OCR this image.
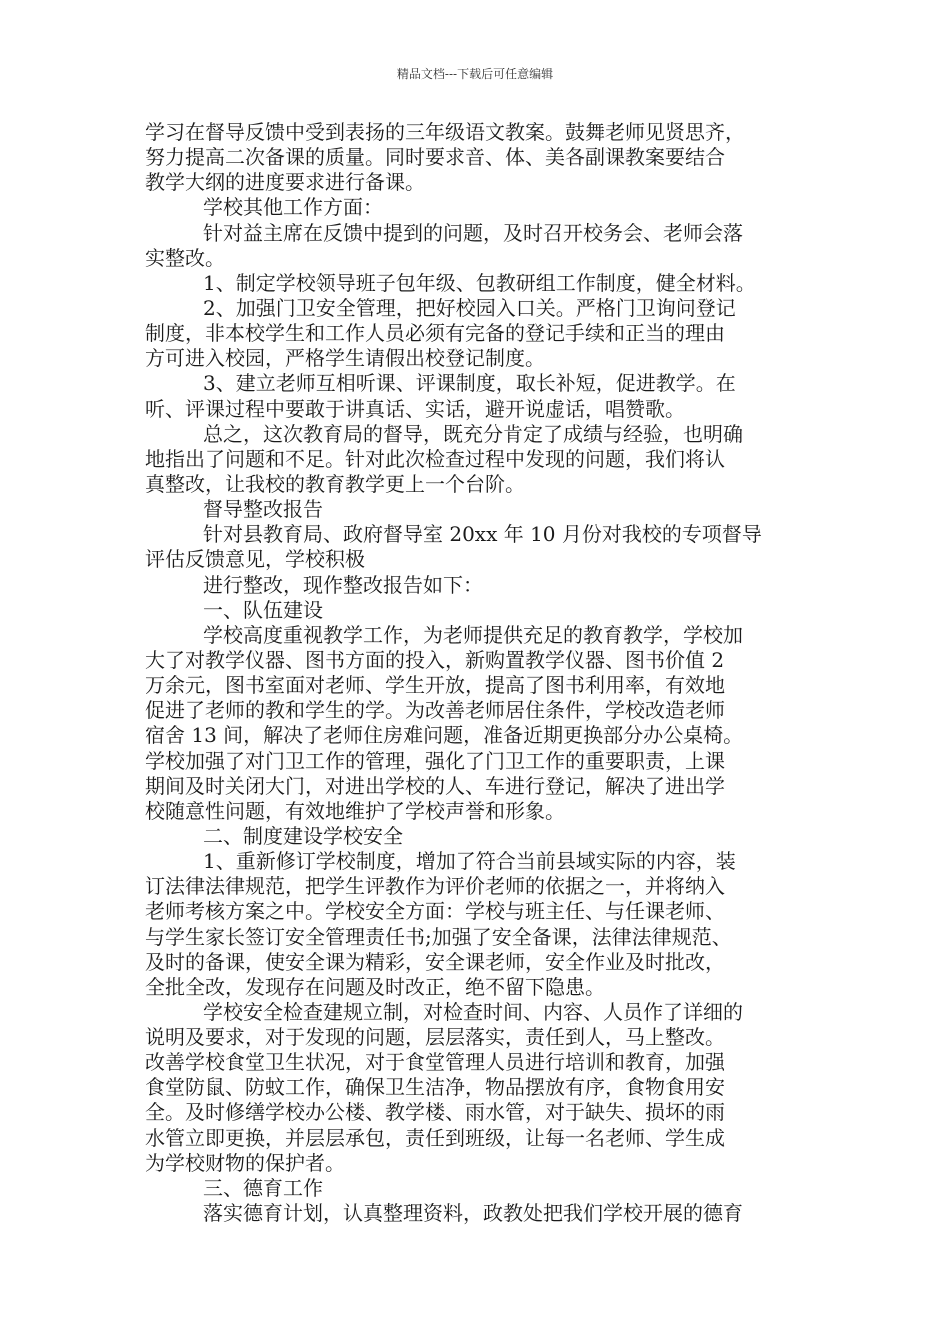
精品文档---下载后可任意编辑
学习在督导反馈中受到表扬的三年级语文教案。鼓舞老师见贤思齐，
努力提高二次备课的质量。同时要求音、体、美各副课教案要结合
教学大纲的进度要求进行备课。
学校其他工作方面：
针对益主席在反馈中提到的问题，及时召开校务会、老师会落
实整改。
1、制定学校领导班子包年级、包教研组工作制度，健全材料。
2、加强门卫安全管理，把好校园入口关。严格门卫询问登记
制度，非本校学生和工作人员必须有完备的登记手续和正当的理由
方可进入校园，严格学生请假出校登记制度。
3、建立老师互相听课、评课制度，取长补短，促进教学。在
听、评课过程中要敢于讲真话、实话，避开说虚话，唱赞歌。
总之，这次教育局的督导，既充分肯定了成绩与经验，也明确
地指出了问题和不足。针对此次检查过程中发现的问题，我们将认
真整改，让我校的教育教学更上一个台阶。
督导整改报告
针对县教育局、政府督导室 20xx 年 10 月份对我校的专项督导
评估反馈意见，学校积极
进行整改，现作整改报告如下：
一、队伍建设
学校高度重视教学工作，为老师提供充足的教育教学，学校加
大了对教学仪器、图书方面的投入，新购置教学仪器、图书价值 2
万余元，图书室面对老师、学生开放，提高了图书利用率，有效地
促进了老师的教和学生的学。为改善老师居住条件，学校改造老师
宿舍 13 间，解决了老师住房难问题，准备近期更换部分办公桌椅。
学校加强了对门卫工作的管理，强化了门卫工作的重要职责，上课
期间及时关闭大门，对进出学校的人、车进行登记，解决了进出学
校随意性问题，有效地维护了学校声誉和形象。
二、制度建设学校安全
1、重新修订学校制度，增加了符合当前县域实际的内容，装
订法律法律规范，把学生评教作为评价老师的依据之一，并将纳入
老师考核方案之中。学校安全方面：学校与班主任、与任课老师、
与学生家长签订安全管理责任书;加强了安全备课，法律法律规范、
及时的备课，使安全课为精彩，安全课老师，安全作业及时批改，
全批全改，发现存在问题及时改正，绝不留下隐患。
学校安全检查建规立制，对检查时间、内容、人员作了详细的
说明及要求，对于发现的问题，层层落实，责任到人，马上整改。
改善学校食堂卫生状况，对于食堂管理人员进行培训和教育，加强
食堂防鼠、防蚊工作，确保卫生洁净，物品摆放有序，食物食用安
全。及时修缮学校办公楼、教学楼、雨水管，对于缺失、损坏的雨
水管立即更换，并层层承包，责任到班级，让每一名老师、学生成
为学校财物的保护者。
三、德育工作
落实德育计划，认真整理资料，政教处把我们学校开展的德育
